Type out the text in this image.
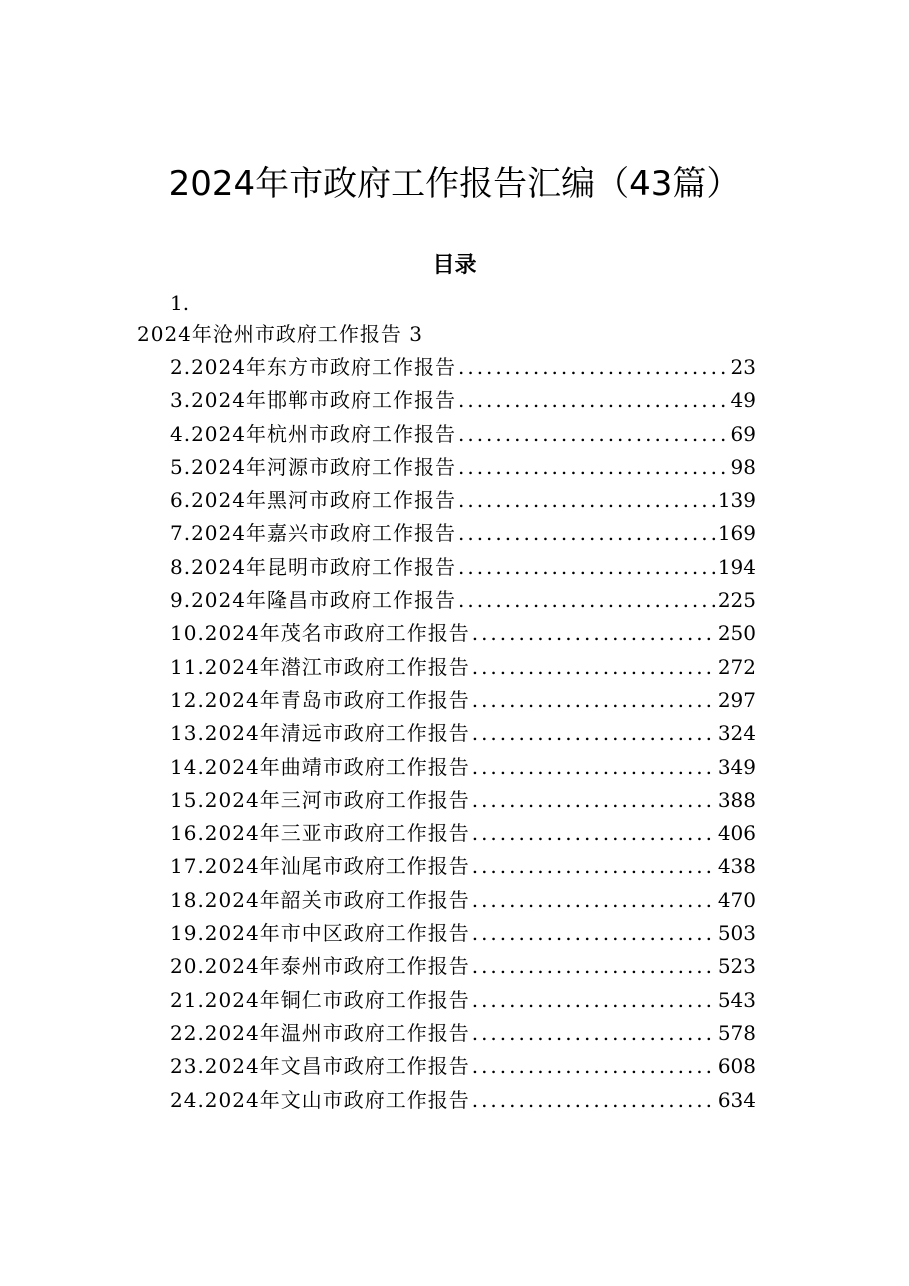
2024年市政府工作报告汇编（43篇）
目录
1.
2024年沧州市政府工作报告 3
2.2024年东方市政府工作报告 .....	23
3.2024年邯郸市政府工作报告 .....	49
4.2024年杭州市政府工作报告 .....	69
5.2024年河源市政府工作报告 .....	98
6.2024年黑河市政府工作报告 .....	139
7.2024年嘉兴市政府工作报告 .....	169
8.2024年昆明市政府工作报告 .....	194
9.2024年隆昌市政府工作报告 .....	225
10.2024年茂名市政府工作报告 .....	250
11.2024年潜江市政府工作报告 .....	272
12.2024年青岛市政府工作报告 .....	297
13.2024年清远市政府工作报告 .....	324
14.2024年曲靖市政府工作报告 .....	349
15.2024年三河市政府工作报告 .....	388
16.2024年三亚市政府工作报告 .....	406
17.2024年汕尾市政府工作报告 .....	438
18.2024年韶关市政府工作报告 .....	470
19.2024年市中区政府工作报告 .....	503
20.2024年泰州市政府工作报告 .....	523
21.2024年铜仁市政府工作报告 .....	543
22.2024年温州市政府工作报告 .....	578
23.2024年文昌市政府工作报告 .....	608
24.2024年文山市政府工作报告 .....	634
